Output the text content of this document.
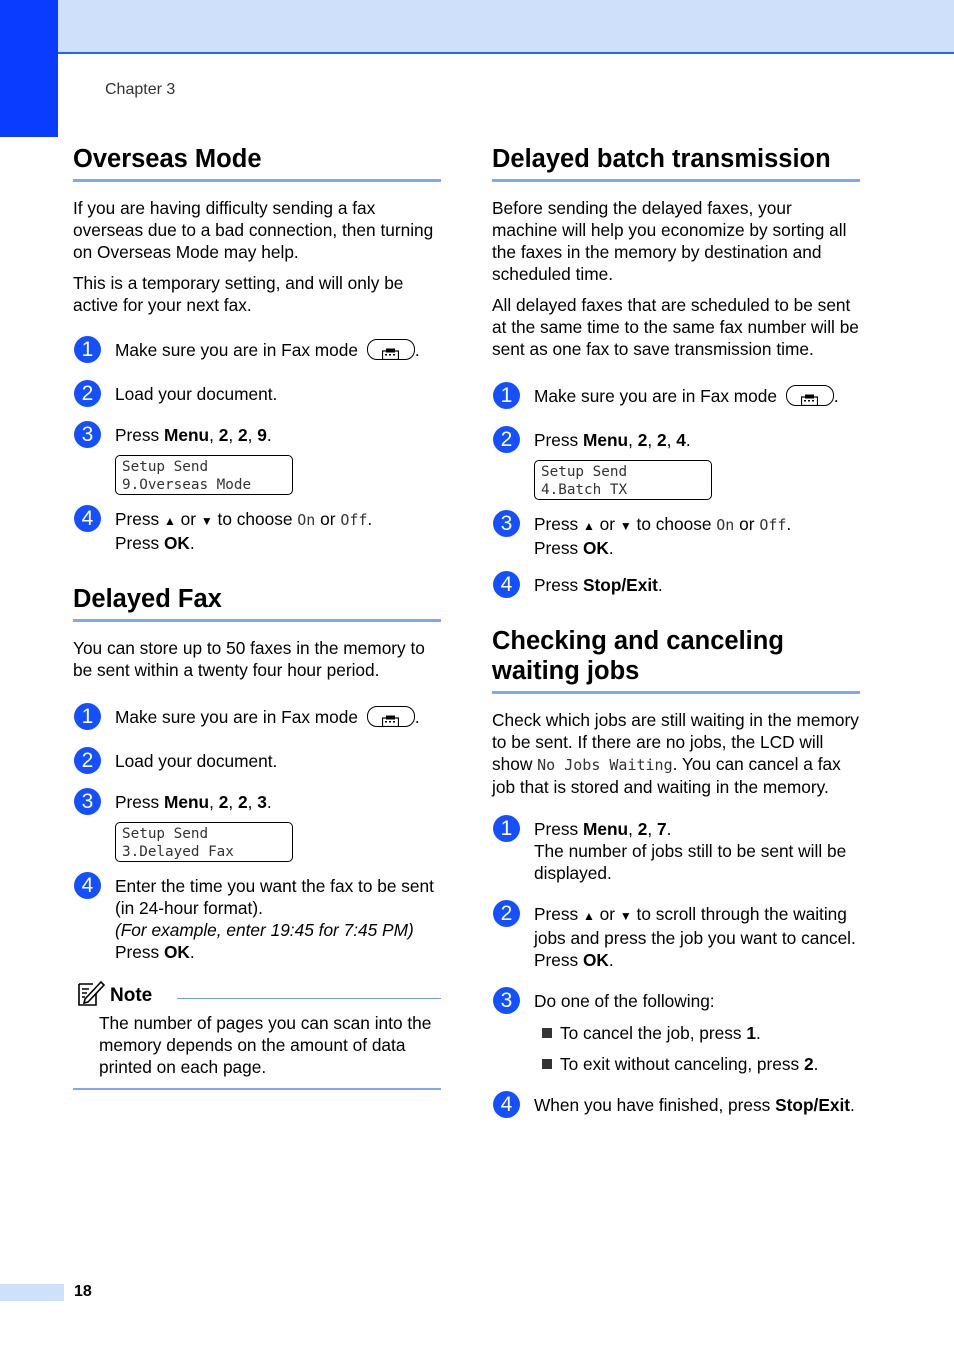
Chapter 3
Overseas Mode

If you are having difficulty sending a fax overseas due to a bad connection, then turning on Overseas Mode may help.

This is a temporary setting, and will only be active for your next fax.

1	Make sure you are in Fax mode	.
2	Load your document.
3	Press Menu, 2, 2, 9.
Setup Send
9.Overseas Mode
4	Press ▲ or ▼ to choose On or Off.
Press OK.
Delayed Fax

You can store up to 50 faxes in the memory to be sent within a twenty four hour period.

1	Make sure you are in Fax mode	.
2	Load your document.
3	Press Menu, 2, 2, 3.
Setup Send
3.Delayed Fax
4	Enter the time you want the fax to be sent (in 24-hour format).
(For example, enter 19:45 for 7:45 PM)
Press OK.
Note
The number of pages you can scan into the memory depends on the amount of data printed on each page.
Delayed batch transmission

Before sending the delayed faxes, your machine will help you economize by sorting all the faxes in the memory by destination and scheduled time.

All delayed faxes that are scheduled to be sent at the same time to the same fax number will be sent as one fax to save transmission time.

1	Make sure you are in Fax mode	.
2	Press Menu, 2, 2, 4.
Setup Send
4.Batch TX
3	Press ▲ or ▼ to choose On or Off.
Press OK.
4	Press Stop/Exit.
Checking and canceling waiting jobs

Check which jobs are still waiting in the memory to be sent. If there are no jobs, the LCD will show No Jobs Waiting. You can cancel a fax job that is stored and waiting in the memory.

1	Press Menu, 2, 7.
The number of jobs still to be sent will be displayed.
2	Press ▲ or ▼ to scroll through the waiting jobs and press the job you want to cancel. Press OK.
3	Do one of the following:
To cancel the job, press 1.
To exit without canceling, press 2.
4	When you have finished, press Stop/Exit.
18
